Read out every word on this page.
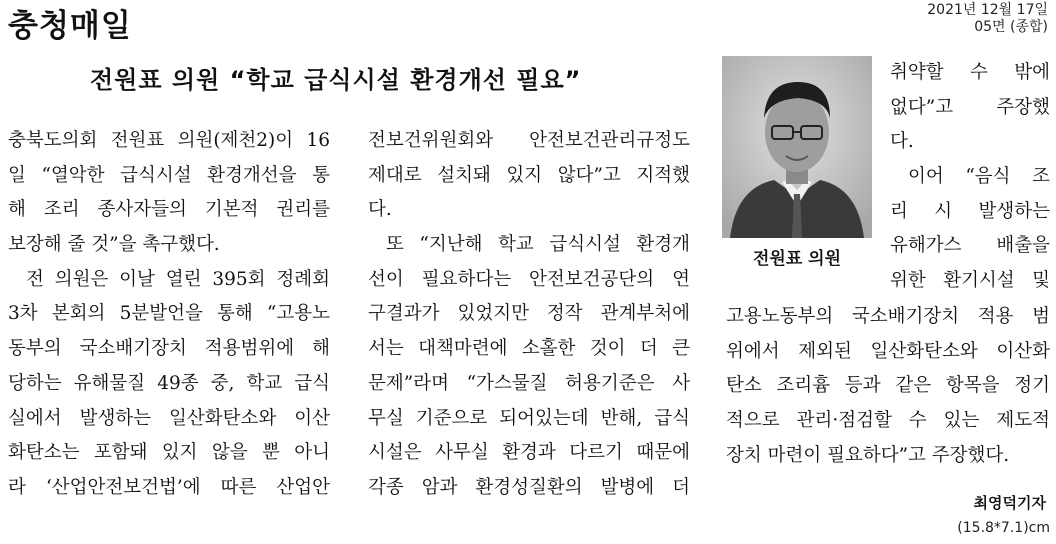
충청매일	2021년 12월 17일
05면 (종합)
전원표 의원 “학교 급식시설 환경개선 필요”
충북도의회 전원표 의원(제천2)이 16
일 “열악한 급식시설 환경개선을 통
해 조리 종사자들의 기본적 권리를
보장해 줄 것”을 촉구했다.
전 의원은 이날 열린 395회 정례회
3차 본회의 5분발언을 통해 “고용노
동부의 국소배기장치 적용범위에 해
당하는 유해물질 49종 중, 학교 급식
실에서 발생하는 일산화탄소와 이산
화탄소는 포함돼 있지 않을 뿐 아니
라 ‘산업안전보건법’에 따른 산업안
전보건위원회와 안전보건관리규정도
제대로 설치돼 있지 않다”고 지적했
다.
또 “지난해 학교 급식시설 환경개
선이 필요하다는 안전보건공단의 연
구결과가 있었지만 정작 관계부처에
서는 대책마련에 소홀한 것이 더 큰
문제”라며 “가스물질 허용기준은 사
무실 기준으로 되어있는데 반해, 급식
시설은 사무실 환경과 다르기 때문에
각종 암과 환경성질환의 발병에 더
취약할 수 밖에
없다”고 주장했
다.
이어 “음식 조
리 시 발생하는
유해가스 배출을
위한 환기시설 및
고용노동부의 국소배기장치 적용 범
위에서 제외된 일산화탄소와 이산화
탄소 조리흄 등과 같은 항목을 정기
적으로 관리·점검할 수 있는 제도적
장치 마련이 필요하다”고 주장했다.
전원표 의원
최영덕기자
(15.8*7.1)cm
